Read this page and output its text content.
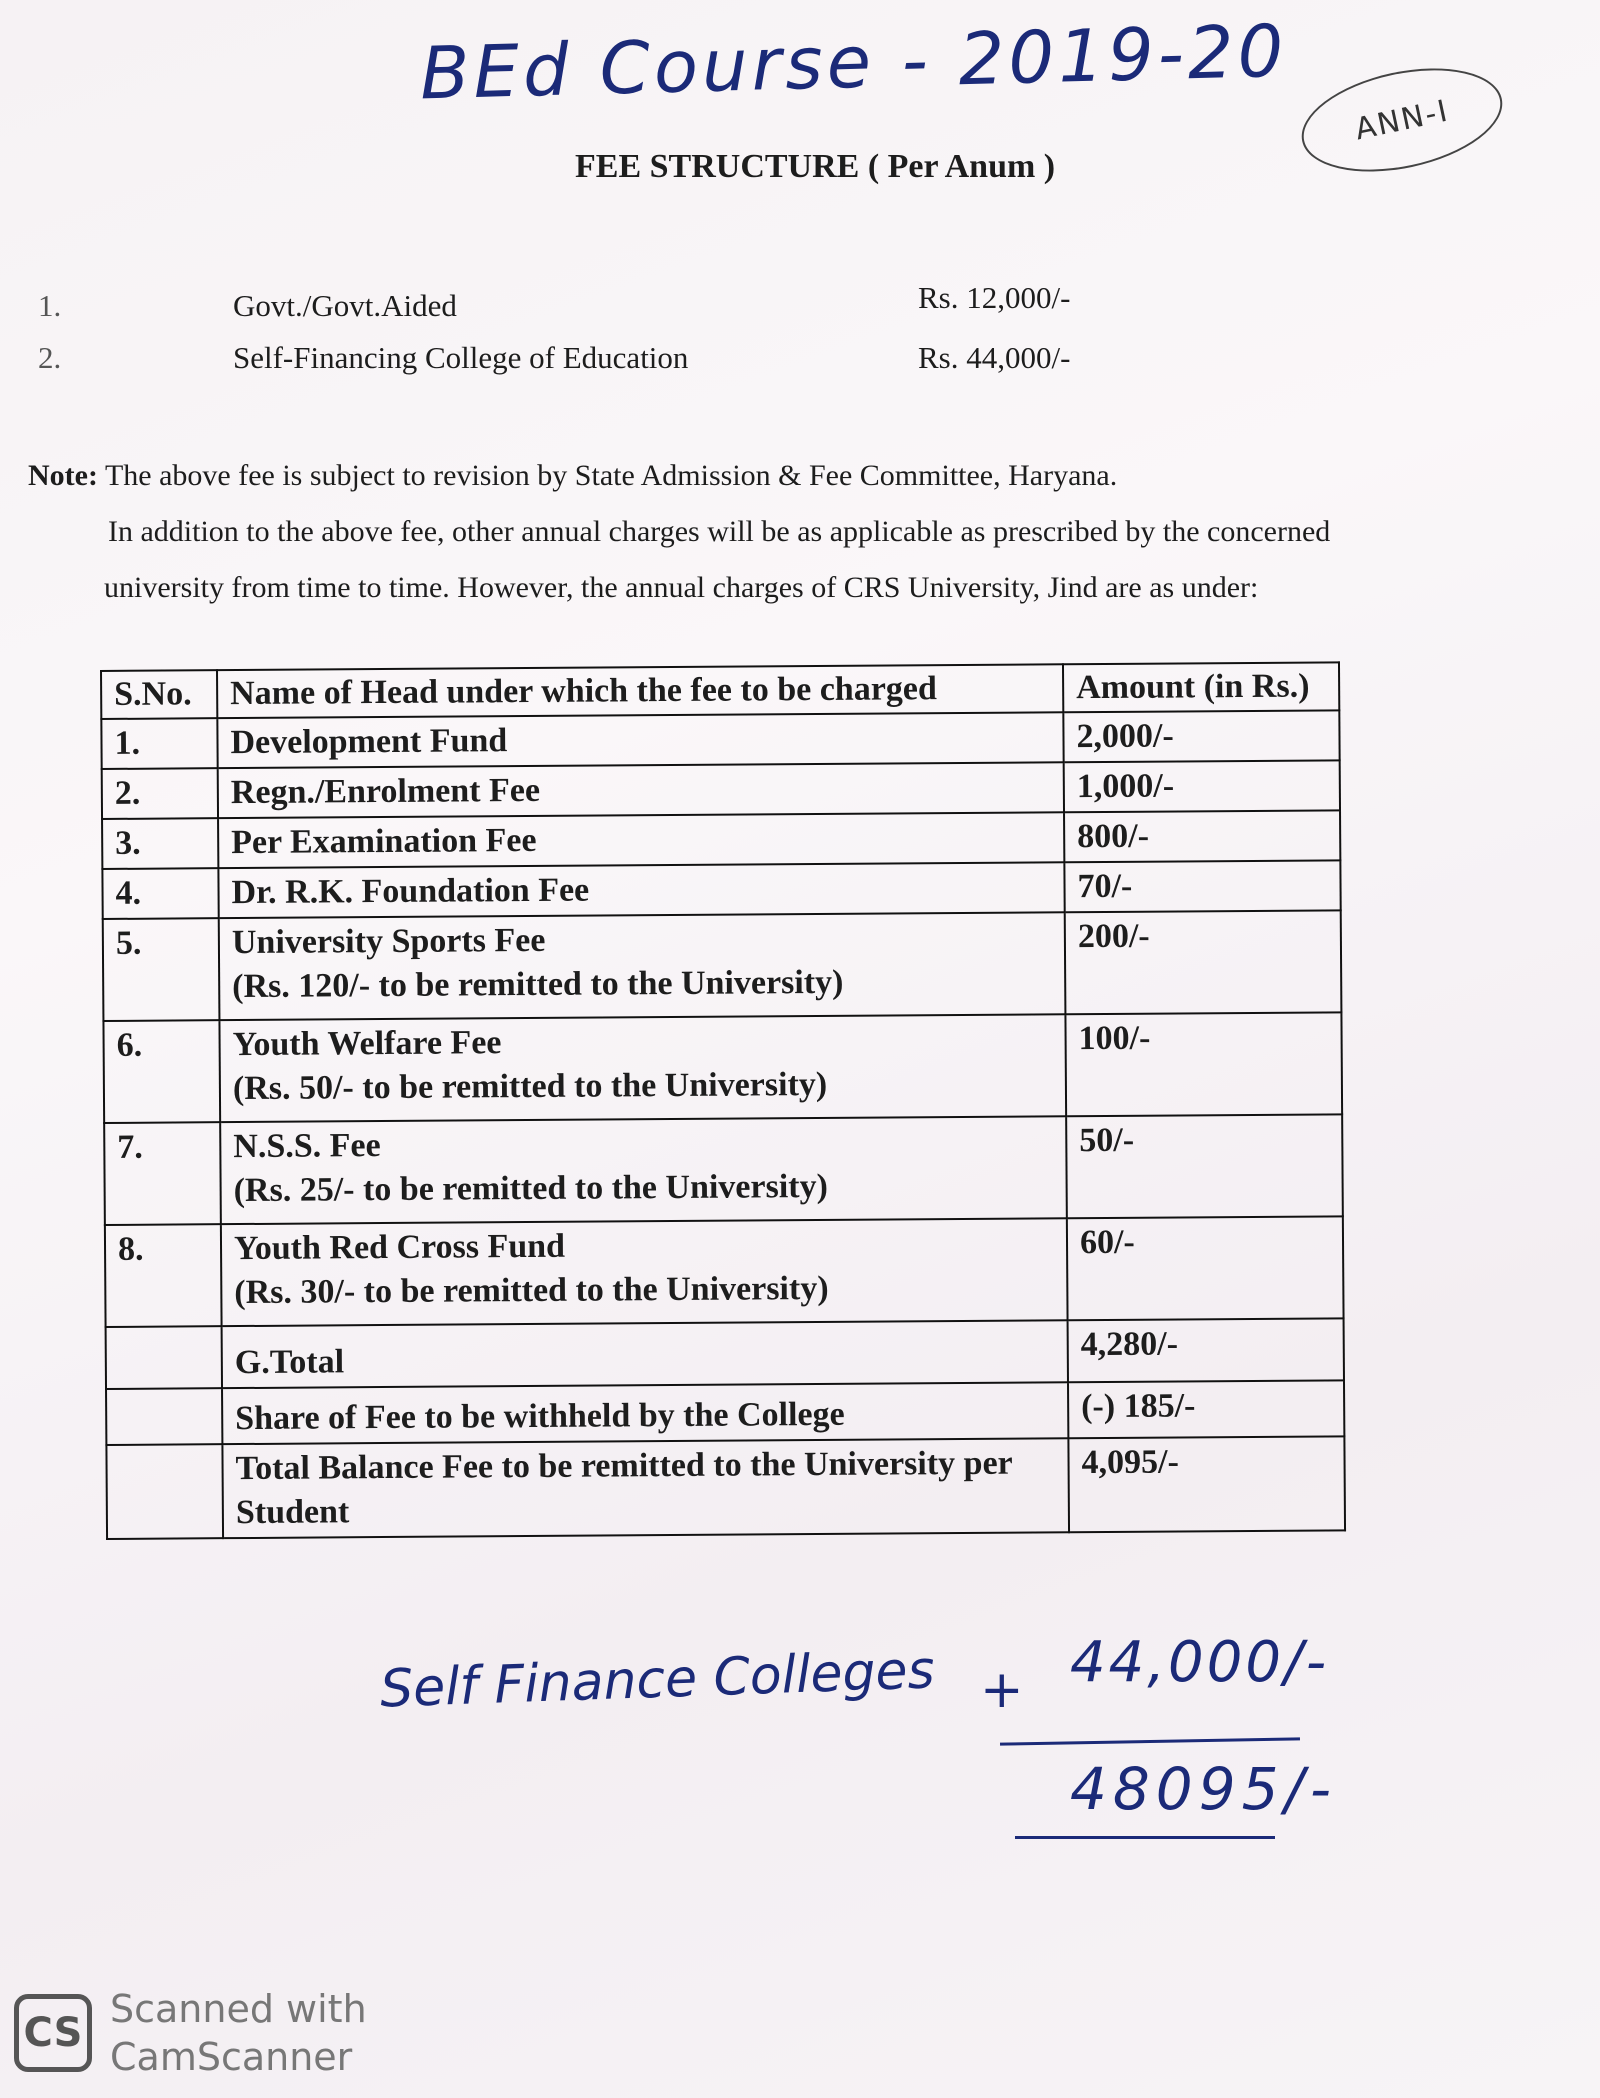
BEd Course - 2019-20
FEE STRUCTURE ( Per Anum )
ANN-I
1.	Govt./Govt.Aided	Rs. 12,000/-
2.	Self-Financing College of Education	Rs. 44,000/-

Note: The above fee is subject to revision by State Admission & Fee Committee, Haryana.

In addition to the above fee, other annual charges will be as applicable as prescribed by the concerned

university from time to time. However, the annual charges of CRS University, Jind are as under:

S.No.	Name of Head under which the fee to be charged	Amount (in Rs.)
1.	Development Fund	2,000/-
2.	Regn./Enrolment Fee	1,000/-
3.	Per Examination Fee	800/-
4.	Dr. R.K. Foundation Fee	70/-
5.	University Sports Fee
(Rs. 120/- to be remitted to the University)	200/-
6.	Youth Welfare Fee
(Rs. 50/- to be remitted to the University)	100/-
7.	N.S.S. Fee
(Rs. 25/- to be remitted to the University)	50/-
8.	Youth Red Cross Fund
(Rs. 30/- to be remitted to the University)	60/-
	G.Total	4,280/-
	Share of Fee to be withheld by the College	(-) 185/-
	Total Balance Fee to be remitted to the University per Student	4,095/-
Self Finance Colleges + 44,000/-
48095/-
CS
Scanned with
CamScanner
